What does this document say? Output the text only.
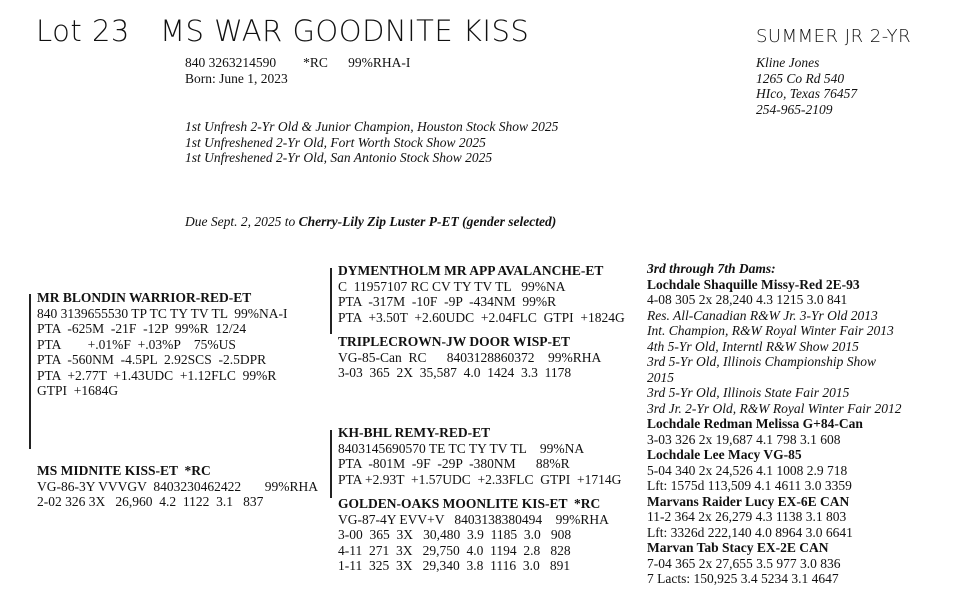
Lot 23 MS WAR GOODNITE KISS	SUMMER JR 2-YR
840 3263214590        *RC      99%RHA-I
Born: June 1, 2023
Kline Jones
1265 Co Rd 540
HIco, Texas 76457
254-965-2109
1st Unfresh 2-Yr Old & Junior Champion, Houston Stock Show 2025
1st Unfreshened 2-Yr Old, Fort Worth Stock Show 2025
1st Unfreshened 2-Yr Old, San Antonio Stock Show 2025
Due Sept. 2, 2025 to Cherry-Lily Zip Luster P-ET (gender selected)
MR BLONDIN WARRIOR-RED-ET
840 3139655530 TP TC TY TV TL  99%NA-I
PTA  -625M  -21F  -12P  99%R  12/24
PTA        +.01%F  +.03%P    75%US
PTA  -560NM  -4.5PL  2.92SCS  -2.5DPR
PTA  +2.77T  +1.43UDC  +1.12FLC  99%R
GTPI  +1684G
MS MIDNITE KISS-ET  *RC
VG-86-3Y VVVGV  8403230462422       99%RHA
2-02 326 3X   26,960  4.2  1122  3.1   837
DYMENTHOLM MR APP AVALANCHE-ET
C  11957107 RC CV TY TV TL   99%NA
PTA  -317M  -10F  -9P  -434NM  99%R
PTA  +3.50T  +2.60UDC  +2.04FLC  GTPI  +1824G
TRIPLECROWN-JW DOOR WISP-ET
VG-85-Can  RC      8403128860372    99%RHA
3-03  365  2X  35,587  4.0  1424  3.3  1178
KH-BHL REMY-RED-ET
8403145690570 TE TC TY TV TL    99%NA
PTA  -801M  -9F  -29P  -380NM      88%R
PTA +2.93T  +1.57UDC  +2.33FLC  GTPI  +1714G
GOLDEN-OAKS MOONLITE KIS-ET  *RC
VG-87-4Y EVV+V   8403138380494    99%RHA
3-00  365  3X   30,480  3.9  1185  3.0   908
4-11  271  3X   29,750  4.0  1194  2.8   828
1-11  325  3X   29,340  3.8  1116  3.0   891
3rd through 7th Dams:
Lochdale Shaquille Missy-Red 2E-93
4-08 305 2x 28,240 4.3 1215 3.0 841
Res. All-Canadian R&W Jr. 3-Yr Old 2013
Int. Champion, R&W Royal Winter Fair 2013
4th 5-Yr Old, Interntl R&W Show 2015
3rd 5-Yr Old, Illinois Championship Show
2015
3rd 5-Yr Old, Illinois State Fair 2015
3rd Jr. 2-Yr Old, R&W Royal Winter Fair 2012
Lochdale Redman Melissa G+84-Can
3-03 326 2x 19,687 4.1 798 3.1 608
Lochdale Lee Macy VG-85
5-04 340 2x 24,526 4.1 1008 2.9 718
Lft: 1575d 113,509 4.1 4611 3.0 3359
Marvans Raider Lucy EX-6E CAN
11-2 364 2x 26,279 4.3 1138 3.1 803
Lft: 3326d 222,140 4.0 8964 3.0 6641
Marvan Tab Stacy EX-2E CAN
7-04 365 2x 27,655 3.5 977 3.0 836
7 Lacts: 150,925 3.4 5234 3.1 4647
